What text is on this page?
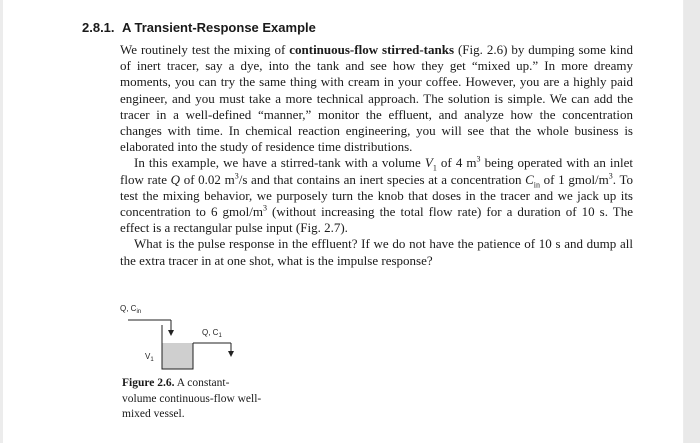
2.8.1. A Transient-Response Example

We routinely test the mixing of continuous-flow stirred-tanks (Fig. 2.6) by dumping some kind of inert tracer, say a dye, into the tank and see how they get “mixed up.” In more dreamy moments, you can try the same thing with cream in your coffee. However, you are a highly paid engineer, and you must take a more technical approach. The solution is simple. We can add the tracer in a well-defined “manner,” monitor the effluent, and analyze how the concentration changes with time. In chemical reaction engineering, you will see that the whole business is elaborated into the study of residence time distributions.

In this example, we have a stirred-tank with a volume $V_1$ of 4 $m^3$ being operated with an inlet flow rate Q of 0.02 $m^3/s$ and that contains an inert species at a concentration $C_{in}$ of 1 gmol/$m^3$. To test the mixing behavior, we purposely turn the knob that doses in the tracer and we jack up its concentration to 6 gmol/$m^3$ (without increasing the total flow rate) for a duration of 10 s. The effect is a rectangular pulse input (Fig. 2.7).

What is the pulse response in the effluent? If we do not have the patience of 10 s and dump all the extra tracer in at one shot, what is the impulse response?

Q, $C_{in}$
Q, $C_1$
$V_1$
Figure 2.6. A constant-volume continuous-flow well-mixed vessel.
